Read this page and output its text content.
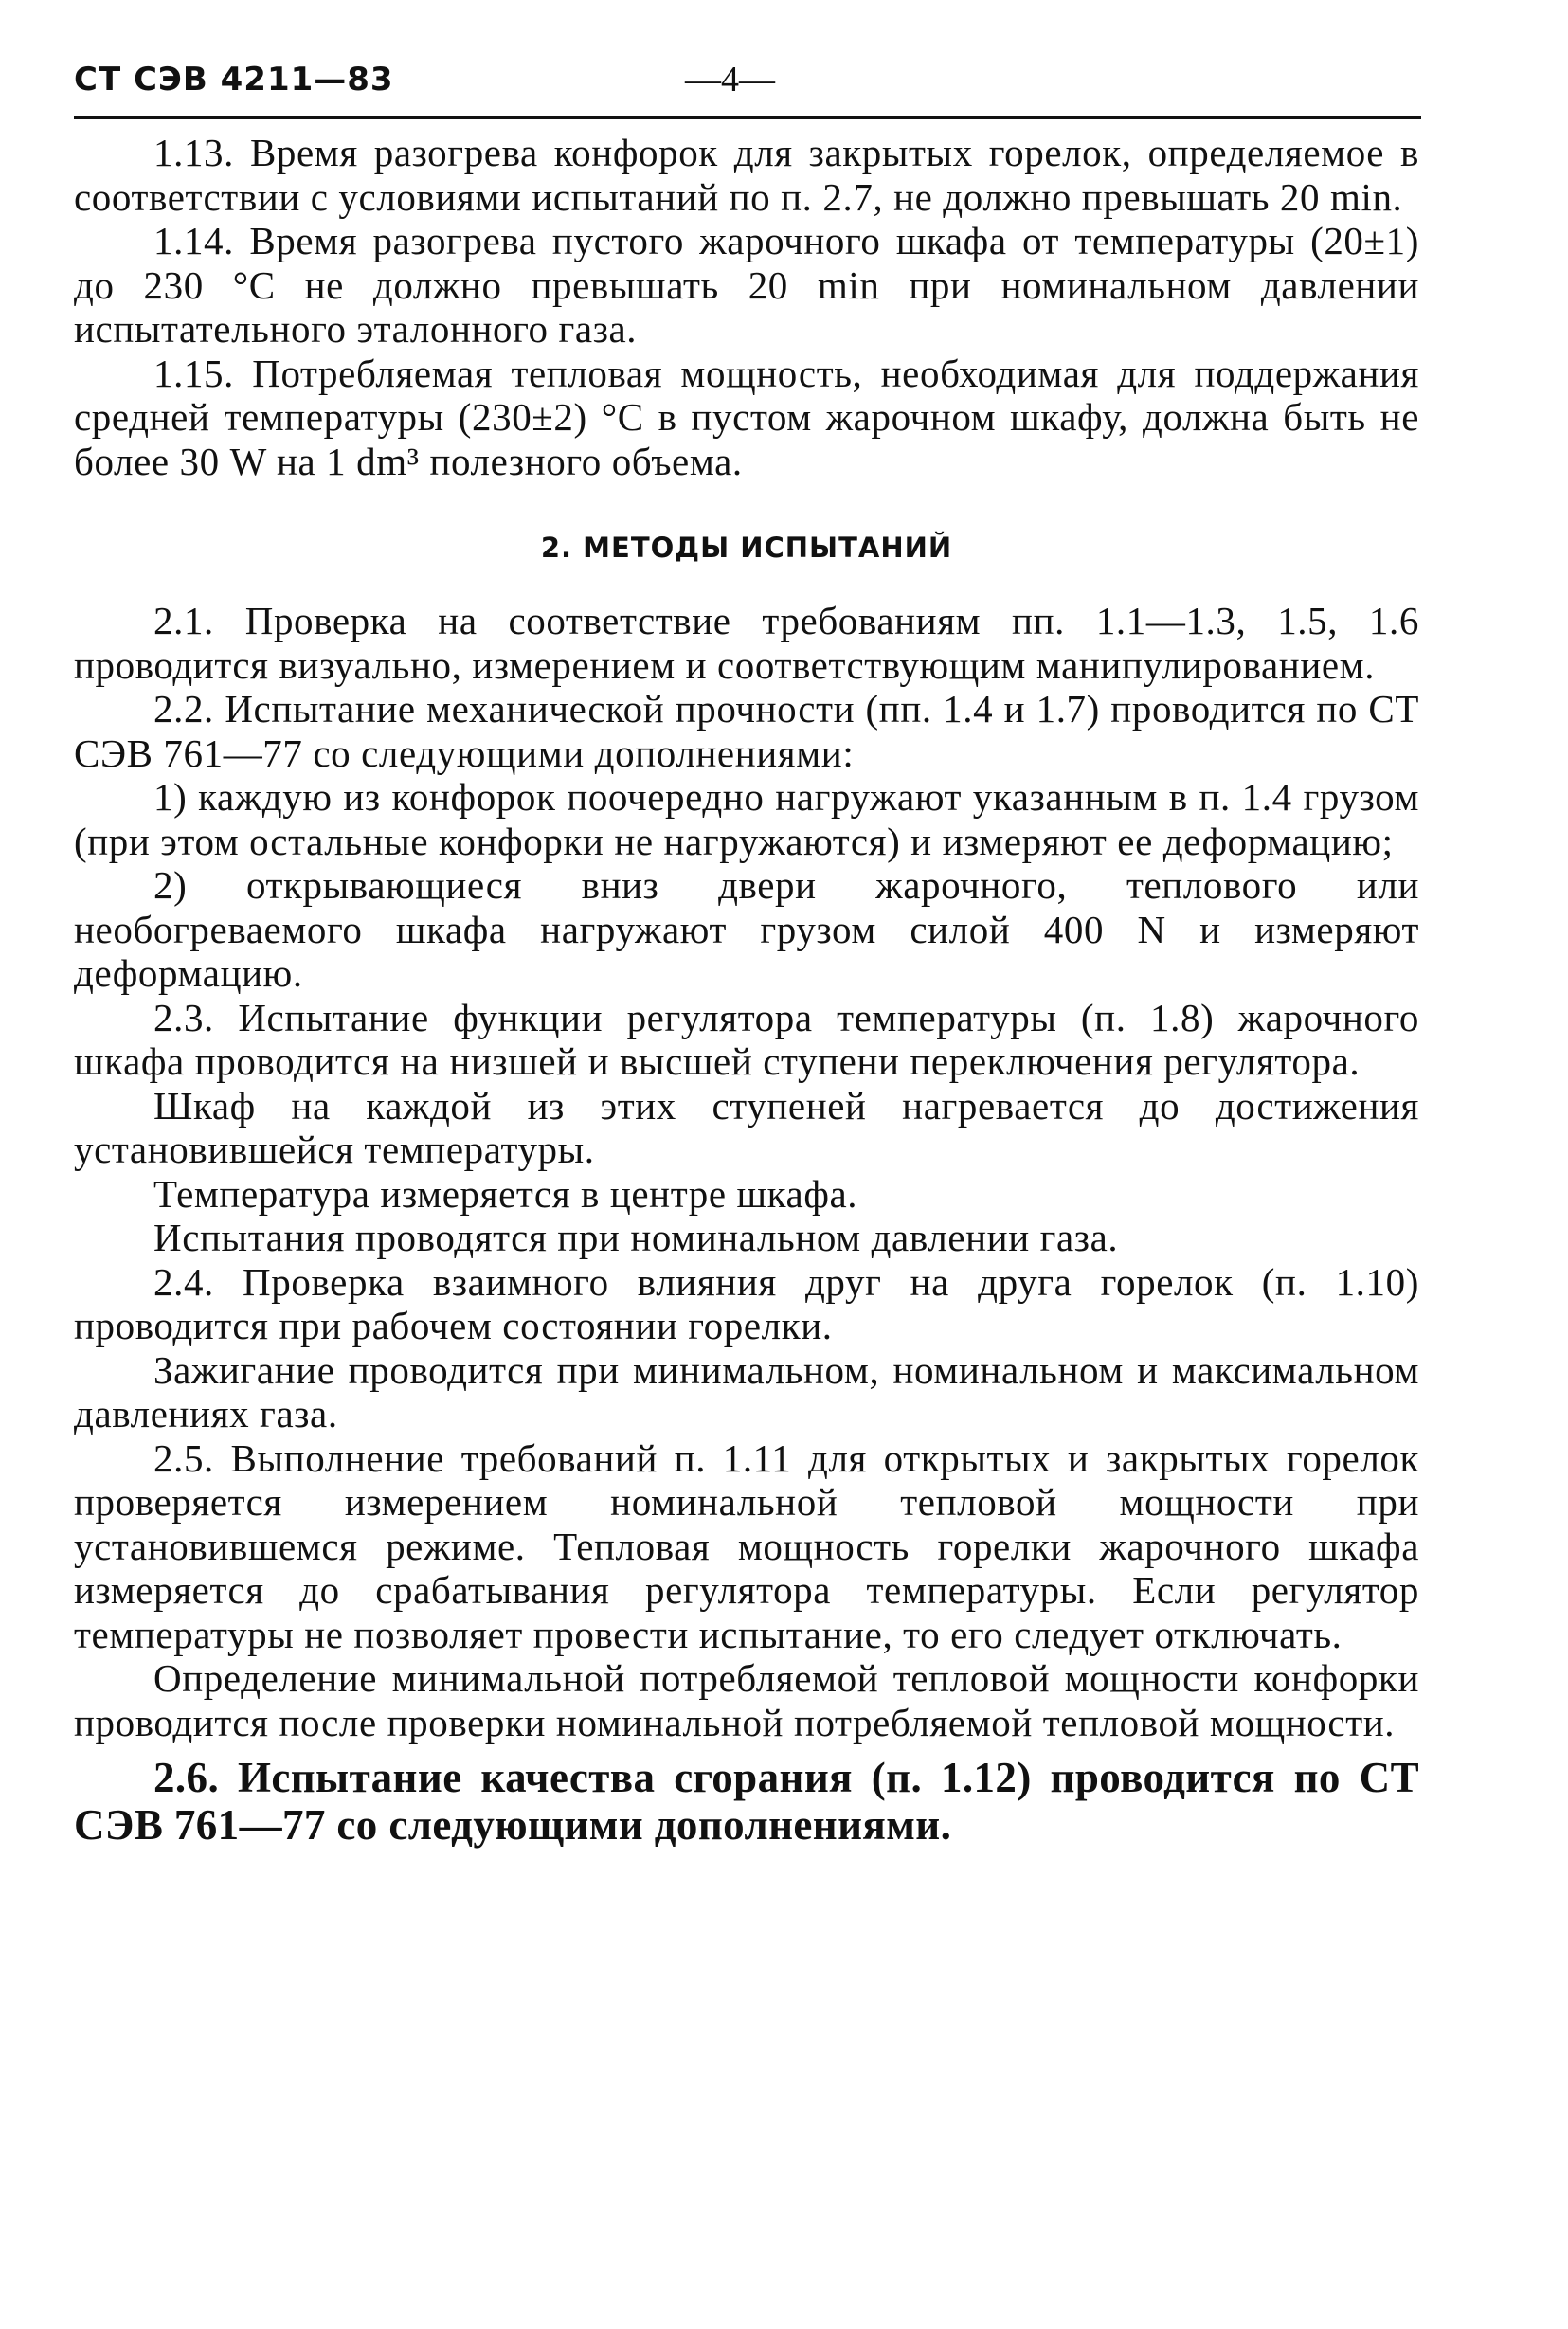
СТ СЭВ 4211—83	—4—

1.13. Время разогрева конфорок для закрытых горелок, определяемое в соответствии с условиями испытаний по п. 2.7, не должно превышать 20 min.

1.14. Время разогрева пустого жарочного шкафа от температуры (20±1) до 230 °C не должно превышать 20 min при номинальном давлении испытательного эталонного газа.

1.15. Потребляемая тепловая мощность, необходимая для поддержания средней температуры (230±2) °C в пустом жарочном шкафу, должна быть не более 30 W на 1 dm³ полезного объема.

2. МЕТОДЫ ИСПЫТАНИЙ

2.1. Проверка на соответствие требованиям пп. 1.1—1.3, 1.5, 1.6 проводится визуально, измерением и соответствующим манипулированием.

2.2. Испытание механической прочности (пп. 1.4 и 1.7) проводится по СТ СЭВ 761—77 со следующими дополнениями:

1) каждую из конфорок поочередно нагружают указанным в п. 1.4 грузом (при этом остальные конфорки не нагружаются) и измеряют ее деформацию;

2) открывающиеся вниз двери жарочного, теплового или необогреваемого шкафа нагружают грузом силой 400 N и измеряют деформацию.

2.3. Испытание функции регулятора температуры (п. 1.8) жарочного шкафа проводится на низшей и высшей ступени переключения регулятора.

Шкаф на каждой из этих ступеней нагревается до достижения установившейся температуры.

Температура измеряется в центре шкафа.

Испытания проводятся при номинальном давлении газа.

2.4. Проверка взаимного влияния друг на друга горелок (п. 1.10) проводится при рабочем состоянии горелки.

Зажигание проводится при минимальном, номинальном и максимальном давлениях газа.

2.5. Выполнение требований п. 1.11 для открытых и закрытых горелок проверяется измерением номинальной тепловой мощности при установившемся режиме. Тепловая мощность горелки жарочного шкафа измеряется до срабатывания регулятора температуры. Если регулятор температуры не позволяет провести испытание, то его следует отключать.

Определение минимальной потребляемой тепловой мощности конфорки проводится после проверки номинальной потребляемой тепловой мощности.

2.6. Испытание качества сгорания (п. 1.12) проводится по СТ СЭВ 761—77 со следующими дополнениями.
